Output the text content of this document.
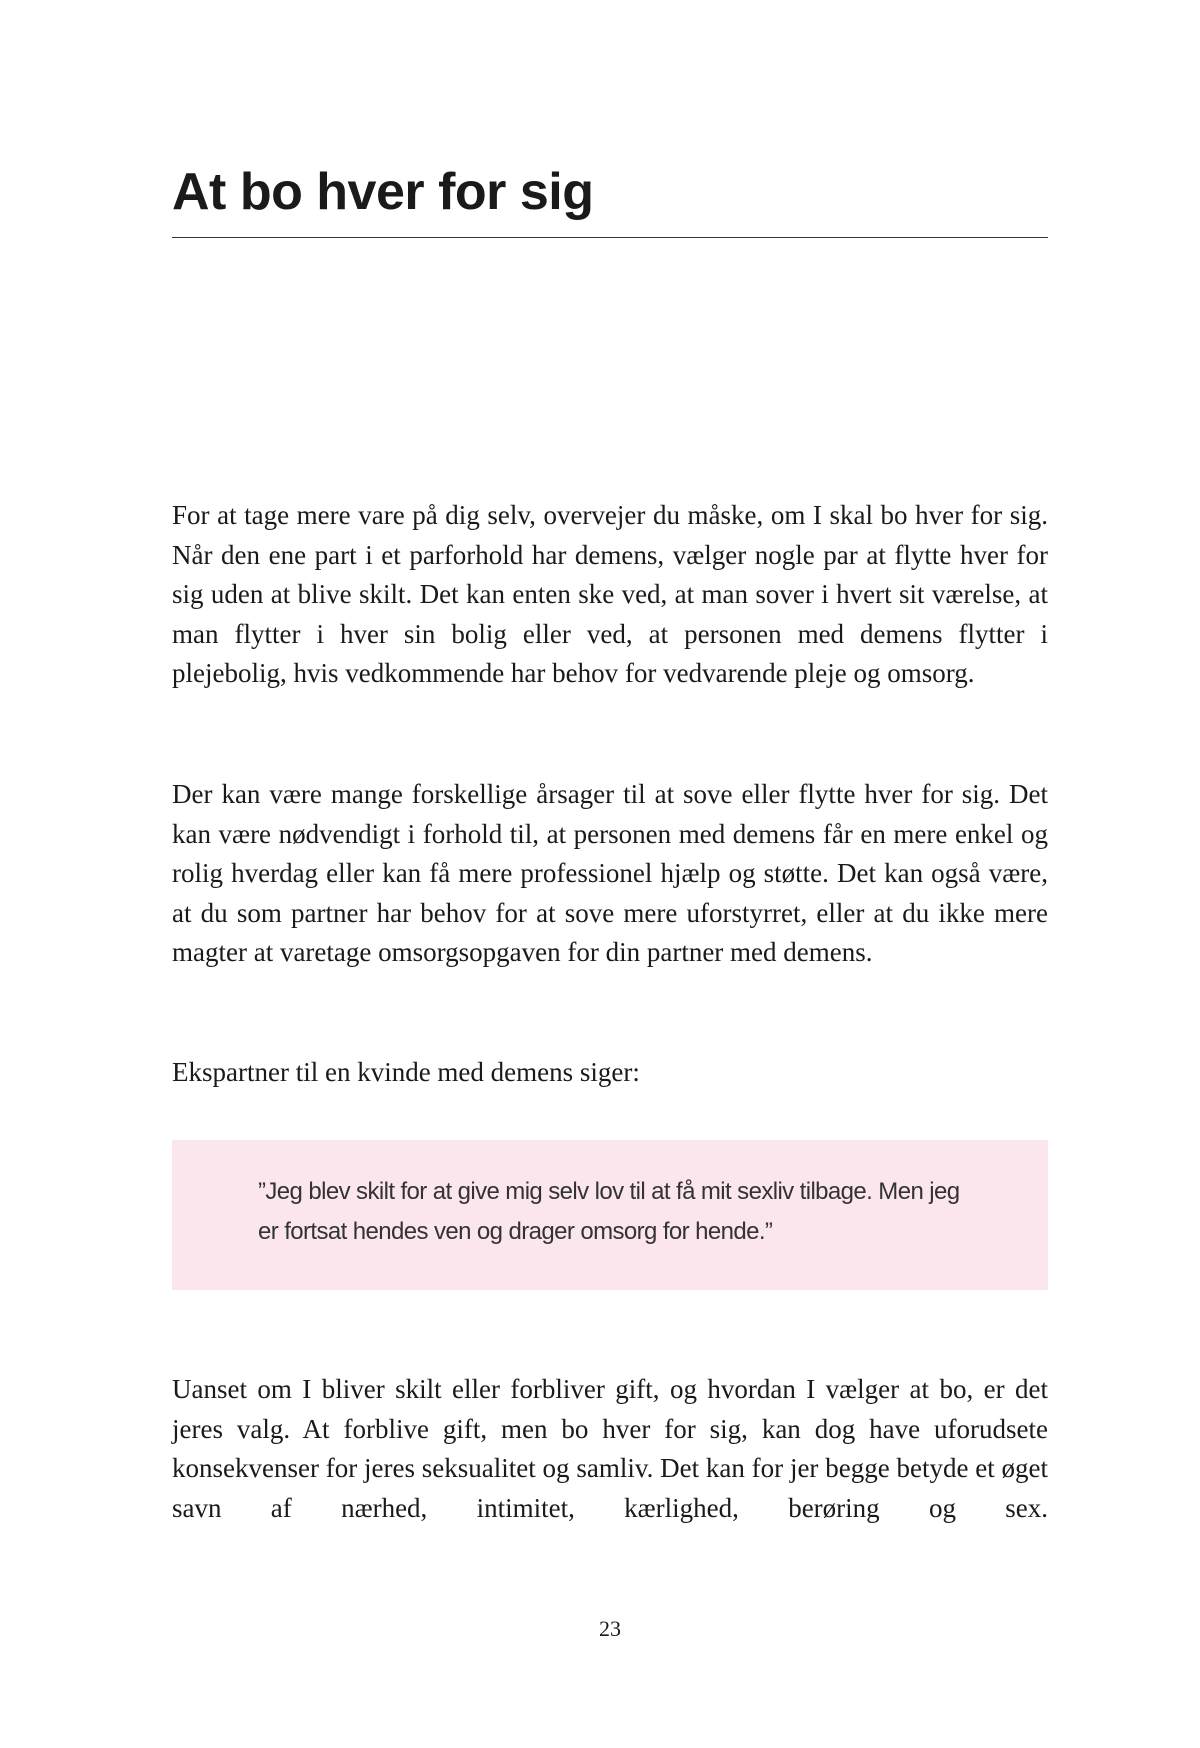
At bo hver for sig

For at tage mere vare på dig selv, overvejer du måske, om I skal bo hver for sig. Når den ene part i et parforhold har demens, vælger nogle par at flytte hver for sig uden at blive skilt. Det kan enten ske ved, at man sover i hvert sit værelse, at man flytter i hver sin bolig eller ved, at personen med demens flytter i plejebolig, hvis vedkommende har behov for vedvarende pleje og omsorg.

Der kan være mange forskellige årsager til at sove eller flytte hver for sig. Det kan være nødvendigt i forhold til, at personen med demens får en mere enkel og rolig hverdag eller kan få mere professionel hjælp og støtte. Det kan også være, at du som partner har behov for at sove mere uforstyrret, eller at du ikke mere magter at varetage omsorgsopgaven for din partner med demens.

Ekspartner til en kvinde med demens siger:

”Jeg blev skilt for at give mig selv lov til at få mit sexliv tilbage. Men jeg er fortsat hendes ven og drager omsorg for hende.”

Uanset om I bliver skilt eller forbliver gift, og hvordan I vælger at bo, er det jeres valg. At forblive gift, men bo hver for sig, kan dog have uforudsete konsekvenser for jeres seksualitet og samliv. Det kan for jer begge betyde et øget savn af nærhed, intimitet, kærlighed, berøring og sex.

23
